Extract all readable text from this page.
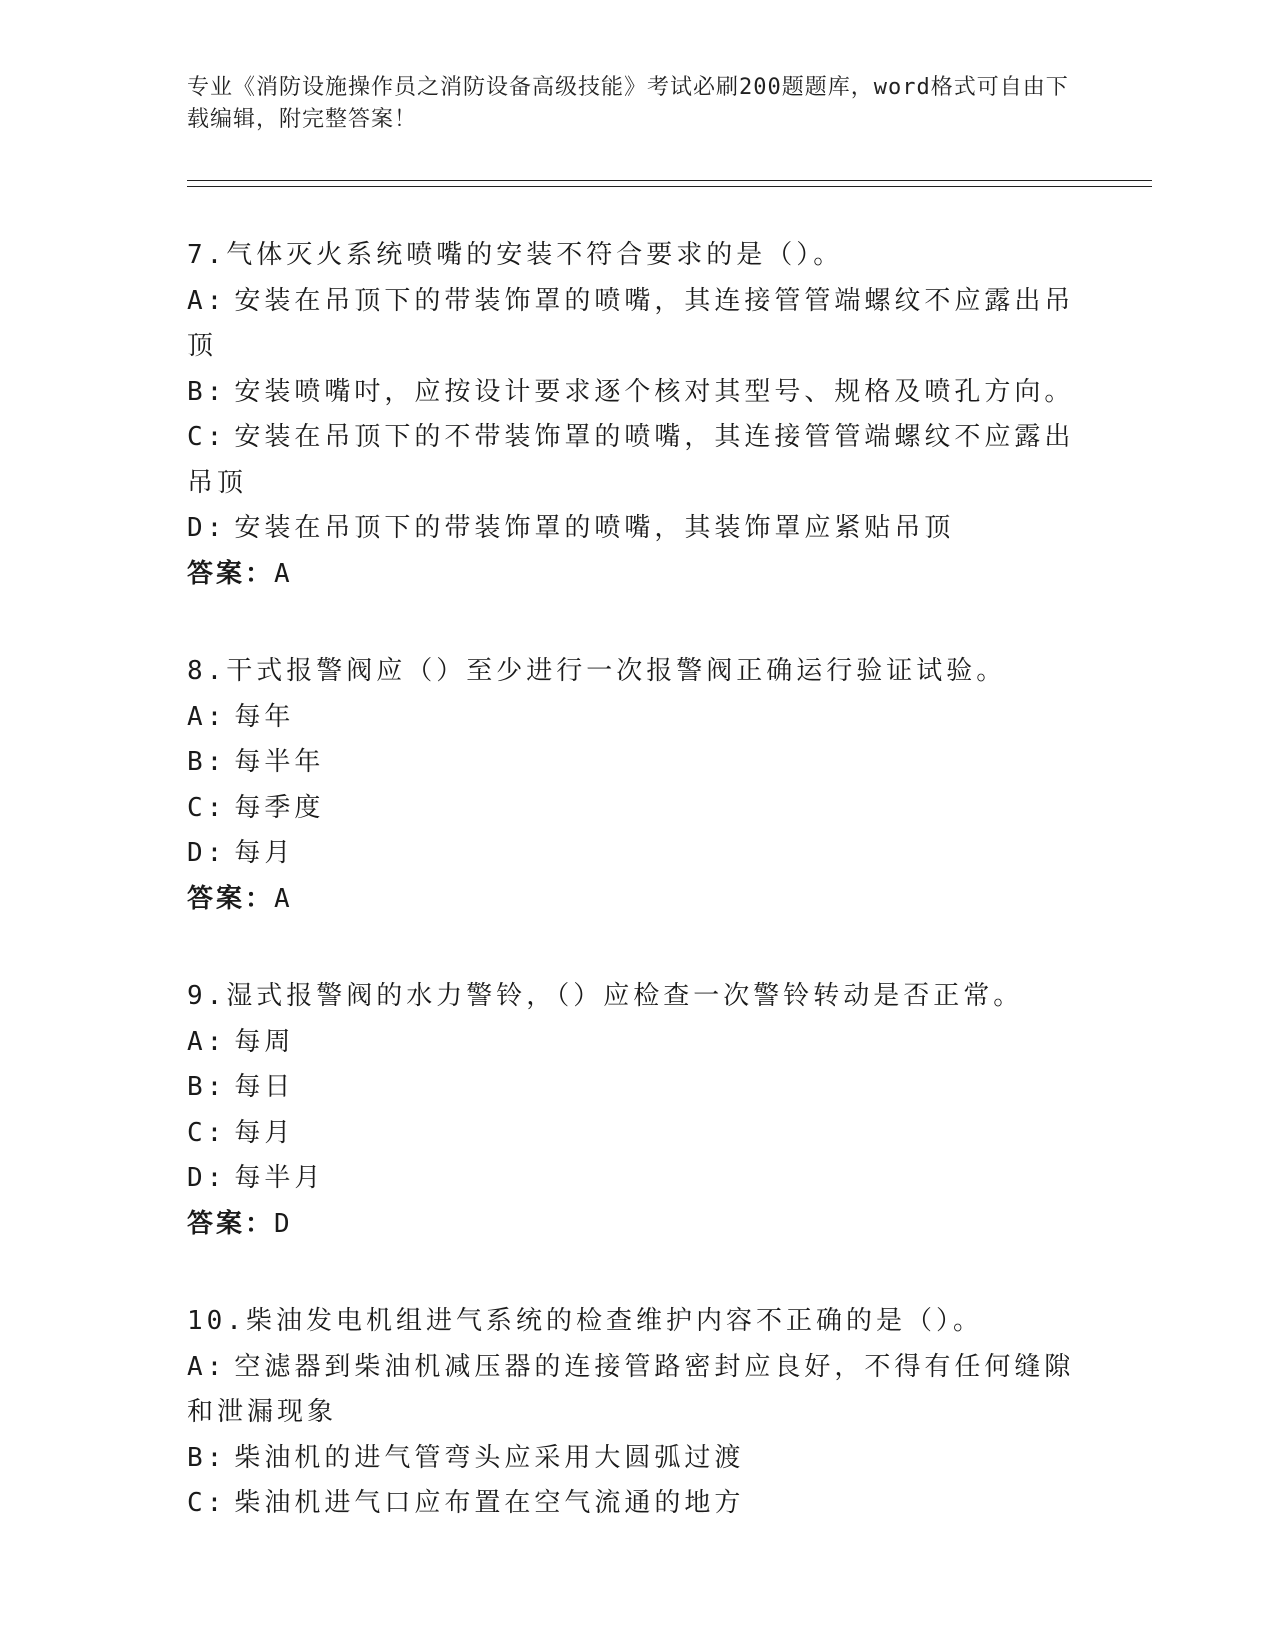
专业《消防设施操作员之消防设备高级技能》考试必刷200题题库，word格式可自由下载编辑，附完整答案！

7.气体灭火系统喷嘴的安装不符合要求的是（）。

A: 安装在吊顶下的带装饰罩的喷嘴，其连接管管端螺纹不应露出吊顶

B: 安装喷嘴吋，应按设计要求逐个核对其型号、规格及喷孔方向。

C: 安装在吊顶下的不带装饰罩的喷嘴，其连接管管端螺纹不应露出吊顶

D: 安装在吊顶下的带装饰罩的喷嘴，其装饰罩应紧贴吊顶

答案：A

8.干式报警阀应（）至少进行一次报警阀正确运行验证试验。

A: 每年

B: 每半年

C: 每季度

D: 每月

答案：A

9.湿式报警阀的水力警铃，（）应检查一次警铃转动是否正常。

A: 每周

B: 每日

C: 每月

D: 每半月

答案：D

10.柴油发电机组进气系统的检查维护内容不正确的是（）。

A: 空滤器到柴油机减压器的连接管路密封应良好，不得有任何缝隙和泄漏现象

B: 柴油机的进气管弯头应采用大圆弧过渡

C: 柴油机进气口应布置在空气流通的地方
